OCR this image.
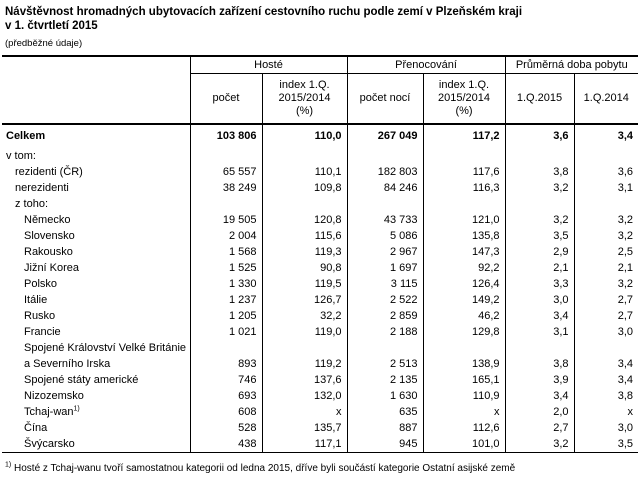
Návštěvnost hromadných ubytovacích zařízení cestovního ruchu podle zemí v Plzeňském kraji
v 1. čtvrtletí 2015
(předběžné údaje)
	Hosté		Přenocování		Průměrná doba pobytu	
	počet	index 1.Q. 2015/2014 (%)	počet nocí	index 1.Q. 2015/2014 (%)	1.Q.2015	1.Q.2014
Celkem	103 806	110,0	267 049	117,2	3,6	3,4
v tom:						
rezidenti (ČR)	65 557	110,1	182 803	117,6	3,8	3,6
nerezidenti	38 249	109,8	84 246	116,3	3,2	3,1
z toho:						
Německo	19 505	120,8	43 733	121,0	3,2	3,2
Slovensko	2 004	115,6	5 086	135,8	3,5	3,2
Rakousko	1 568	119,3	2 967	147,3	2,9	2,5
Jižní Korea	1 525	90,8	1 697	92,2	2,1	2,1
Polsko	1 330	119,5	3 115	126,4	3,3	3,2
Itálie	1 237	126,7	2 522	149,2	3,0	2,7
Rusko	1 205	32,2	2 859	46,2	3,4	2,7
Francie	1 021	119,0	2 188	129,8	3,1	3,0
Spojené Království Velké Británie						
a Severního Irska	893	119,2	2 513	138,9	3,8	3,4
Spojené státy americké	746	137,6	2 135	165,1	3,9	3,4
Nizozemsko	693	132,0	1 630	110,9	3,4	3,8
Tchaj-wan$^{1)}$	608	x	635	x	2,0	x
Čína	528	135,7	887	112,6	2,7	3,0
Švýcarsko	438	117,1	945	101,0	3,2	3,5
$^{1)}$ Hosté z Tchaj-wanu tvoří samostatnou kategorii od ledna 2015, dříve byli součástí kategorie Ostatní asijské země
